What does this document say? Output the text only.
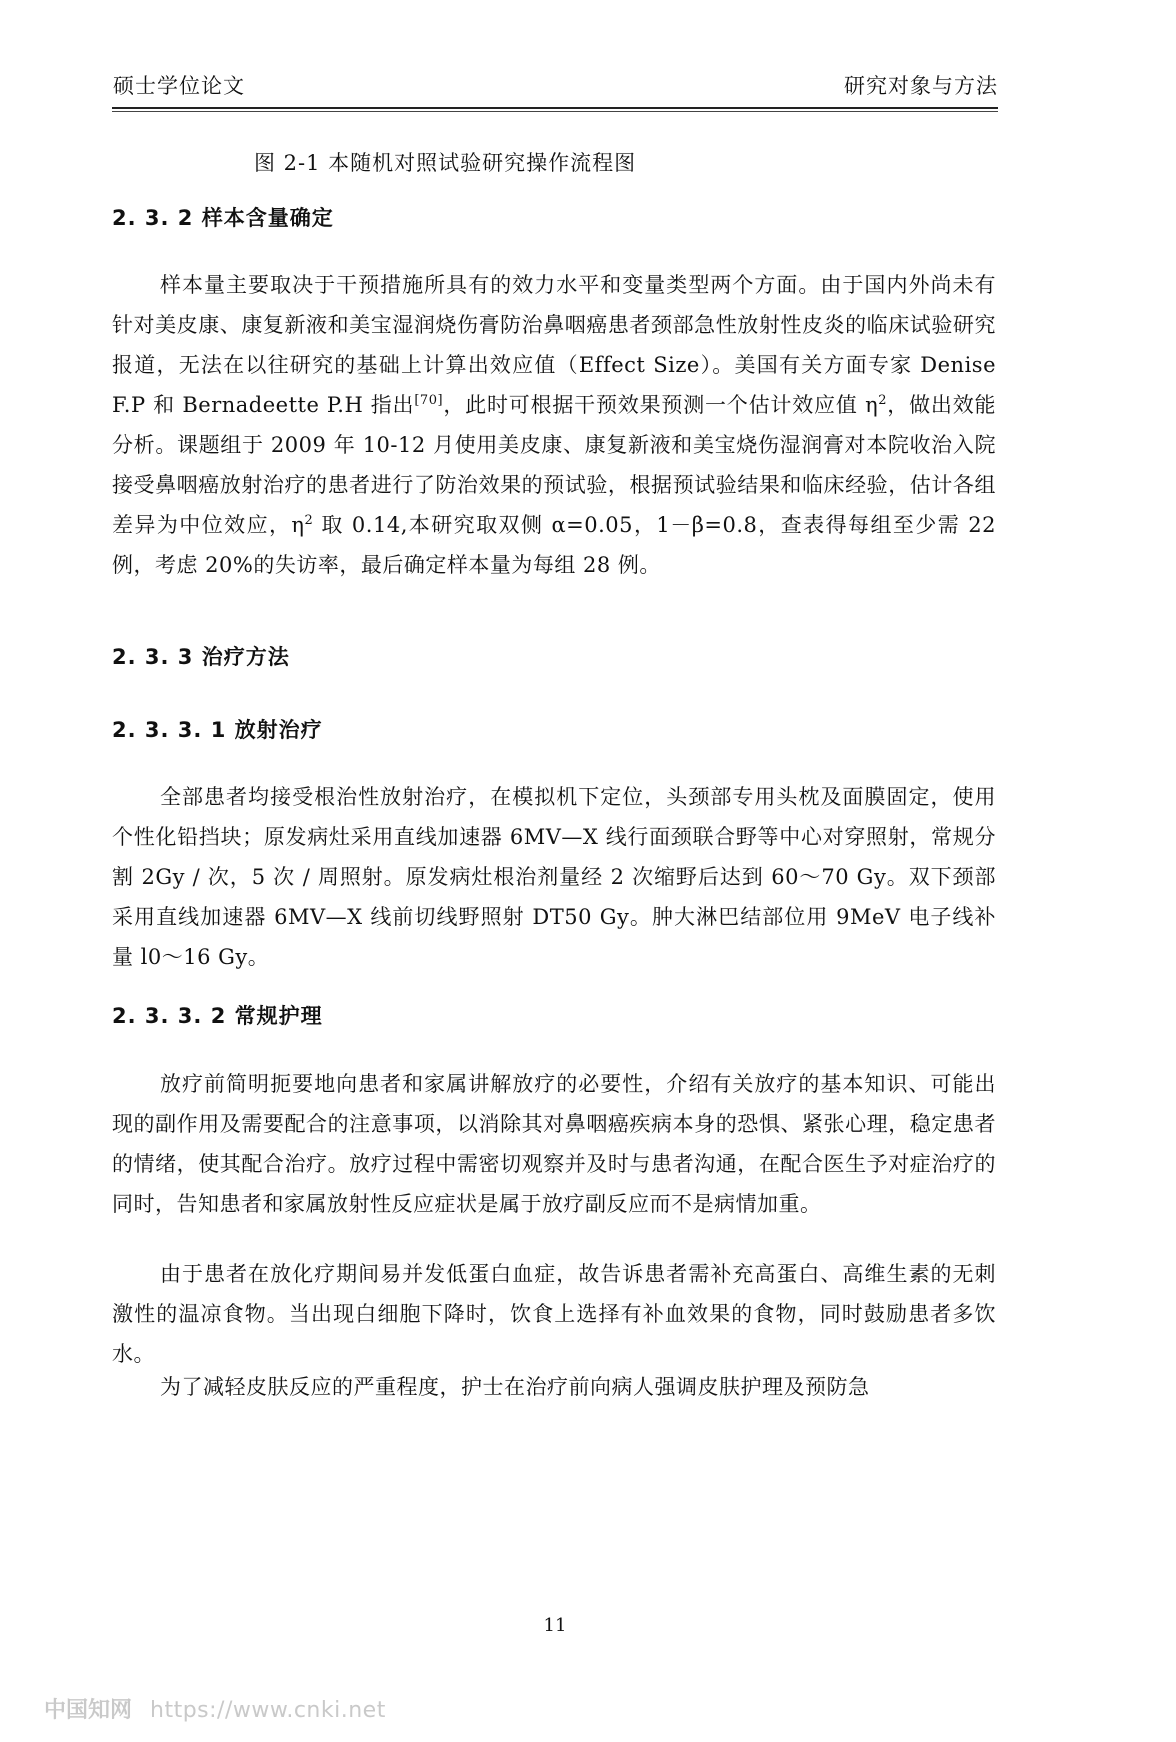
硕士学位论文	研究对象与方法
图 2-1 本随机对照试验研究操作流程图
2. 3. 2 样本含量确定

样本量主要取决于干预措施所具有的效力水平和变量类型两个方面。由于国内外尚未有针对美皮康、康复新液和美宝湿润烧伤膏防治鼻咽癌患者颈部急性放射性皮炎的临床试验研究报道，无法在以往研究的基础上计算出效应值（Effect Size）。美国有关方面专家 Denise F.P 和 Bernadeette P.H 指出[70]，此时可根据干预效果预测一个估计效应值 $\eta^2$，做出效能分析。课题组于 2009 年 10-12 月使用美皮康、康复新液和美宝烧伤湿润膏对本院收治入院接受鼻咽癌放射治疗的患者进行了防治效果的预试验，根据预试验结果和临床经验，估计各组差异为中位效应，$\eta^2$ 取 0.14,本研究取双侧 α=0.05，1－β=0.8，查表得每组至少需 22 例，考虑 20%的失访率，最后确定样本量为每组 28 例。

2. 3. 3 治疗方法
2. 3. 3. 1 放射治疗

全部患者均接受根治性放射治疗，在模拟机下定位，头颈部专用头枕及面膜固定，使用个性化铅挡块；原发病灶采用直线加速器 6MV—X 线行面颈联合野等中心对穿照射，常规分割 2Gy / 次，5 次 / 周照射。原发病灶根治剂量经 2 次缩野后达到 60～70 Gy。双下颈部采用直线加速器 6MV—X 线前切线野照射 DT50 Gy。肿大淋巴结部位用 9MeV 电子线补量 l0～16 Gy。

2. 3. 3. 2 常规护理

放疗前简明扼要地向患者和家属讲解放疗的必要性，介绍有关放疗的基本知识、可能出现的副作用及需要配合的注意事项，以消除其对鼻咽癌疾病本身的恐惧、紧张心理，稳定患者的情绪，使其配合治疗。放疗过程中需密切观察并及时与患者沟通，在配合医生予对症治疗的同时，告知患者和家属放射性反应症状是属于放疗副反应而不是病情加重。

由于患者在放化疗期间易并发低蛋白血症，故告诉患者需补充高蛋白、高维生素的无刺激性的温凉食物。当出现白细胞下降时，饮食上选择有补血效果的食物，同时鼓励患者多饮水。

为了减轻皮肤反应的严重程度，护士在治疗前向病人强调皮肤护理及预防急

11
中国知网 https://www.cnki.net
